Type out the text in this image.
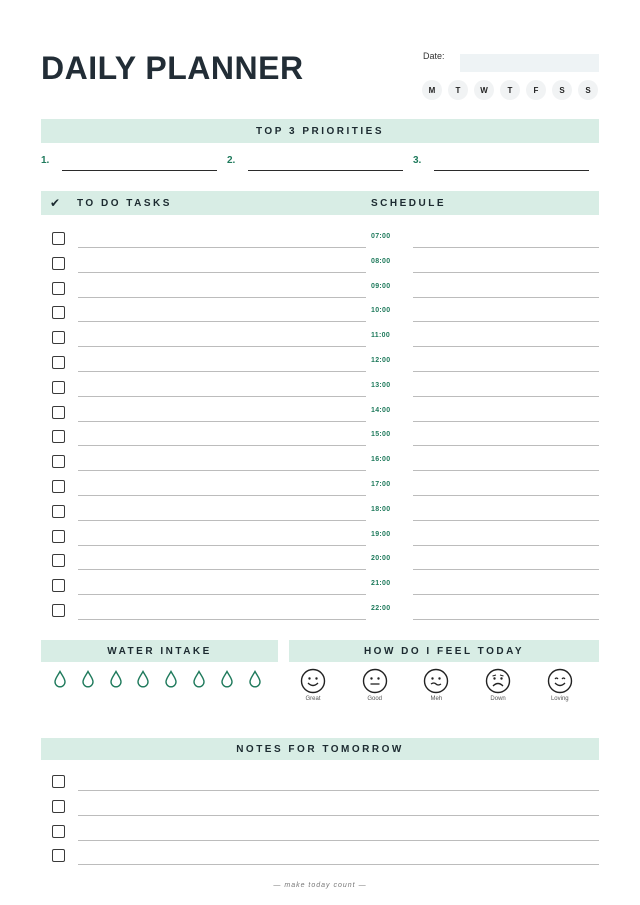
DAILY PLANNER	Date:
M	T	W	T	F	S	S
TOP 3 PRIORITIES
1.	2.	3.
✔ TO DO TASKS	SCHEDULE
07:00
08:00
09:00
10:00
11:00
12:00
13:00
14:00
15:00
16:00
17:00
18:00
19:00
20:00
21:00
22:00
WATER INTAKE	HOW DO I FEEL TODAY
Great	Good	Meh	Down	Loving
NOTES FOR TOMORROW
— make today count —
